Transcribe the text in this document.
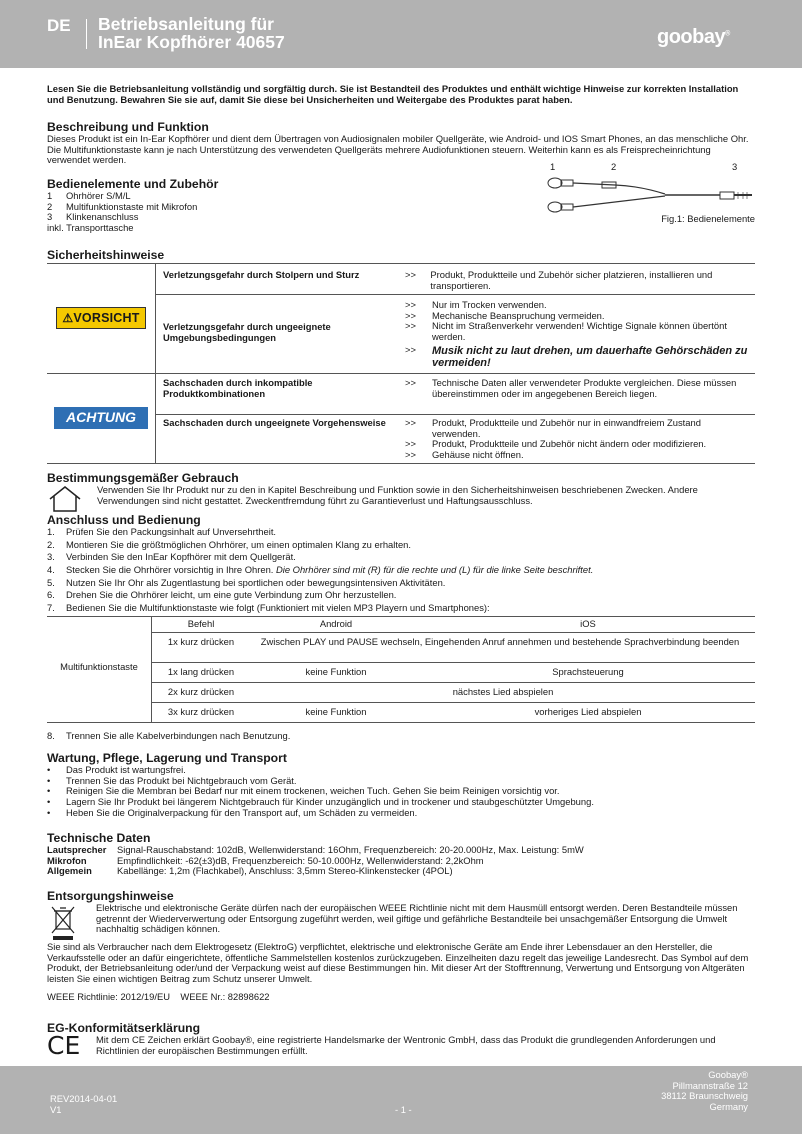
DE Betriebsanleitung für
InEar Kopfhörer 40657	goobay®
Lesen Sie die Betriebsanleitung vollständig und sorgfältig durch. Sie ist Bestandteil des Produktes und enthält wichtige Hinweise zur korrekten Installation und Benutzung. Bewahren Sie sie auf, damit Sie diese bei Unsicherheiten und Weitergabe des Produktes parat haben.
Beschreibung und Funktion
Dieses Produkt ist ein In-Ear Kopfhörer und dient dem Übertragen von Audiosignalen mobiler Quellgeräte, wie Android- und IOS Smart Phones, an das menschliche Ohr. Die Multifunktionstaste kann je nach Unterstützung des verwendeten Quellgeräts mehrere Audiofunktionen steuern. Weiterhin kann es als Freisprecheinrichtung verwendet werden.
Bedienelemente und Zubehör
1	Ohrhörer S/M/L
2	Multifunktionstaste mit Mikrofon
3	Klinkenanschluss
inkl. Transporttasche
1	2	3
Fig.1: Bedienelemente
Sicherheitshinweise
⚠VORSICHT
ACHTUNG
Verletzungsgefahr durch Stolpern und Sturz	>>	Produkt, Produktteile und Zubehör sicher platzieren, installieren und transportieren.
Verletzungsgefahr durch ungeeignete Umgebungsbedingungen
>>	Nur im Trocken verwenden.
>>	Mechanische Beanspruchung vermeiden.
>>	Nicht im Straßenverkehr verwenden! Wichtige Signale können übertönt werden.
>>	Musik nicht zu laut drehen, um dauerhafte Gehörschäden zu vermeiden!
Sachschaden durch inkompatible Produktkombinationen
>>	Technische Daten aller verwendeter Produkte vergleichen. Diese müssen übereinstimmen oder im angegebenen Bereich liegen.
Sachschaden durch ungeeignete Vorgehensweise	>>	Produkt, Produktteile und Zubehör nur in einwandfreiem Zustand verwenden.
>>	Produkt, Produktteile und Zubehör nicht ändern oder modifizieren.
>>	Gehäuse nicht öffnen.
Bestimmungsgemäßer Gebrauch
Verwenden Sie Ihr Produkt nur zu den in Kapitel Beschreibung und Funktion sowie in den Sicherheitshinweisen beschriebenen Zwecken. Andere Verwendungen sind nicht gestattet. Zweckentfremdung führt zu Garantieverlust und Haftungsausschluss.
Anschluss und Bedienung
1.	Prüfen Sie den Packungsinhalt auf Unversehrtheit.
2.	Montieren Sie die größtmöglichen Ohrhörer, um einen optimalen Klang zu erhalten.
3.	Verbinden Sie den InEar Kopfhörer mit dem Quellgerät.
4.	Stecken Sie die Ohrhörer vorsichtig in Ihre Ohren.
Die Ohrhörer sind mit (R) für die rechte und (L) für die linke Seite beschriftet.
5.	Nutzen Sie Ihr Ohr als Zugentlastung bei sportlichen oder bewegungsintensiven Aktivitäten.
6.	Drehen Sie die Ohrhörer leicht, um eine gute Verbindung zum Ohr herzustellen.
7.	Bedienen Sie die Multifunktionstaste wie folgt (Funktioniert mit vielen MP3 Playern und Smartphones):
Befehl	Android	iOS
Multifunktionstaste
1x kurz drücken	Zwischen PLAY und PAUSE wechseln, Eingehenden Anruf annehmen und bestehende Sprachverbindung beenden
1x lang drücken	keine Funktion	Sprachsteuerung
2x kurz drücken	nächstes Lied abspielen
3x kurz drücken	keine Funktion	vorheriges Lied abspielen
8.	Trennen Sie alle Kabelverbindungen nach Benutzung.
Wartung, Pflege, Lagerung und Transport
•	Das Produkt ist wartungsfrei.
•	Trennen Sie das Produkt bei Nichtgebrauch vom Gerät.
•	Reinigen Sie die Membran bei Bedarf nur mit einem trockenen, weichen Tuch. Gehen Sie beim Reinigen vorsichtig vor.
•	Lagern Sie Ihr Produkt bei längerem Nichtgebrauch für Kinder unzugänglich und in trockener und staubgeschützter Umgebung.
•	Heben Sie die Originalverpackung für den Transport auf, um Schäden zu vermeiden.
Technische Daten
Lautsprecher	Signal-Rauschabstand: 102dB, Wellenwiderstand: 16Ohm, Frequenzbereich: 20-20.000Hz, Max. Leistung: 5mW
Mikrofon	Empfindlichkeit: -62(±3)dB, Frequenzbereich: 50-10.000Hz, Wellenwiderstand: 2,2kOhm
Allgemein	Kabellänge: 1,2m (Flachkabel), Anschluss: 3,5mm Stereo-Klinkenstecker (4POL)
Entsorgungshinweise
Elektrische und elektronische Geräte dürfen nach der europäischen WEEE Richtlinie nicht mit dem Hausmüll entsorgt werden. Deren Bestandteile müssen getrennt der Wiederverwertung oder Entsorgung zugeführt werden, weil giftige und gefährliche Bestandteile bei unsachgemäßer Entsorgung die Umwelt nachhaltig schädigen können.
Sie sind als Verbraucher nach dem Elektrogesetz (ElektroG) verpflichtet, elektrische und elektronische Geräte am Ende ihrer Lebensdauer an den Hersteller, die Verkaufsstelle oder an dafür eingerichtete, öffentliche Sammelstellen kostenlos zurückzugeben. Einzelheiten dazu regelt das jeweilige Landesrecht. Das Symbol auf dem Produkt, der Betriebsanleitung oder/und der Verpackung weist auf diese Bestimmungen hin. Mit dieser Art der Stofftrennung, Verwertung und Entsorgung von Altgeräten leisten Sie einen wichtigen Beitrag zum Schutz unserer Umwelt.
WEEE Richtlinie: 2012/19/EU    WEEE Nr.: 82898622
EG-Konformitätserklärung
CE Mit dem CE Zeichen erklärt Goobay®, eine registrierte Handelsmarke der Wentronic GmbH, dass das Produkt die grundlegenden Anforderungen und Richtlinien der europäischen Bestimmungen erfüllt.
REV2014-04-01
V1	- 1 -
Goobay®
Pillmannstraße 12
38112 Braunschweig
Germany
